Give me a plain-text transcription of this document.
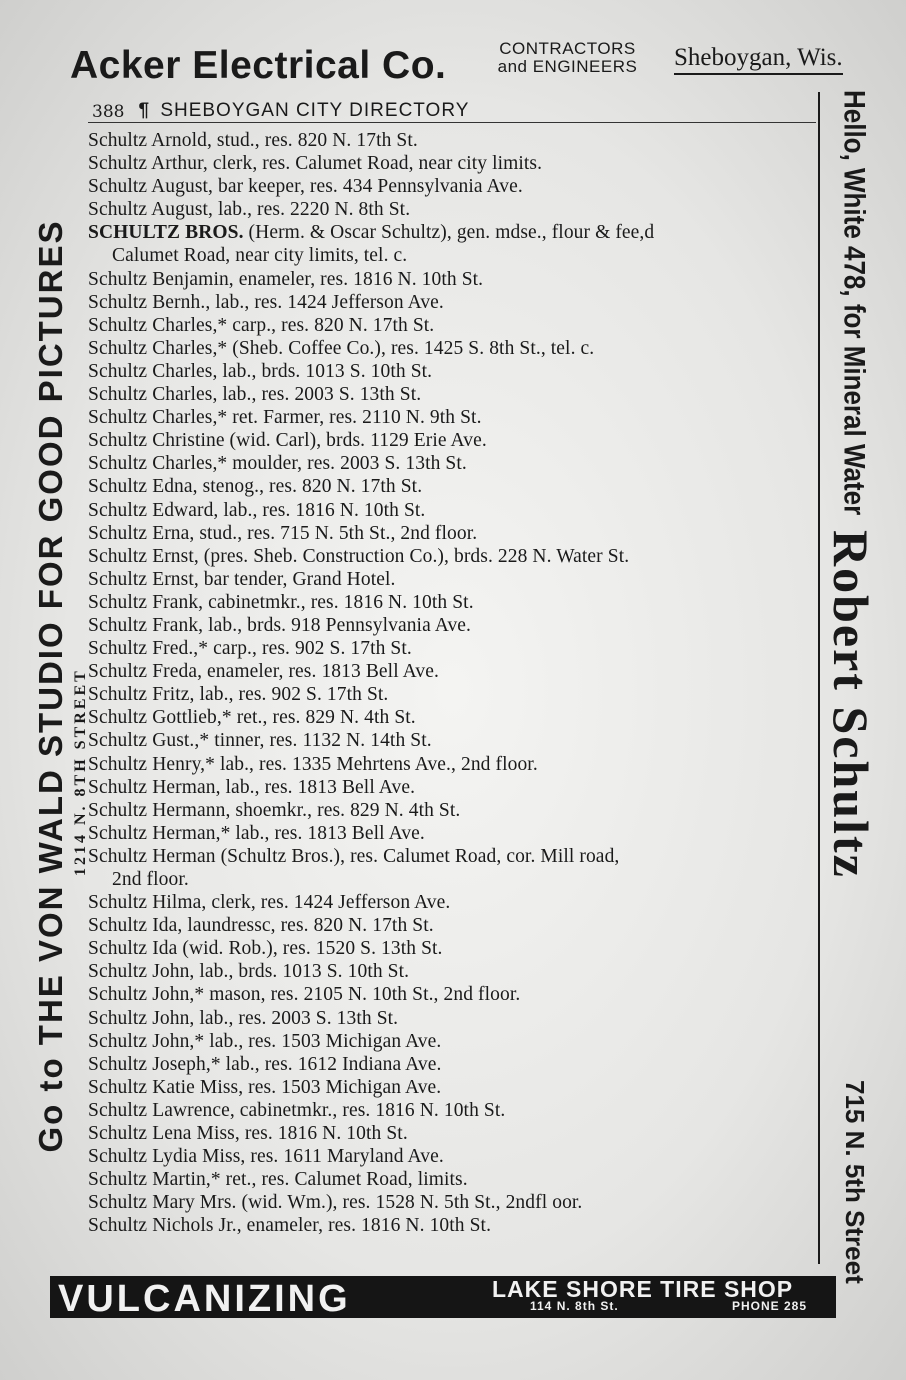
Acker Electrical Co.	CONTRACTORS
and ENGINEERS	Sheboygan, Wis.
Go to THE VON WALD STUDIO FOR GOOD PICTURES 1214 N. 8TH STREET
Hello, White 478, for Mineral Water
Robert Schultz
715 N. 5th Street
388 ¶ SHEBOYGAN CITY DIRECTORY
Schultz Arnold, stud., res. 820 N. 17th St.
Schultz Arthur, clerk, res. Calumet Road, near city limits.
Schultz August, bar keeper, res. 434 Pennsylvania Ave.
Schultz August, lab., res. 2220 N. 8th St.
SCHULTZ BROS. (Herm. & Oscar Schultz), gen. mdse., flour & fee,d
Calumet Road, near city limits, tel. c.
Schultz Benjamin, enameler, res. 1816 N. 10th St.
Schultz Bernh., lab., res. 1424 Jefferson Ave.
Schultz Charles,* carp., res. 820 N. 17th St.
Schultz Charles,* (Sheb. Coffee Co.), res. 1425 S. 8th St., tel. c.
Schultz Charles, lab., brds. 1013 S. 10th St.
Schultz Charles, lab., res. 2003 S. 13th St.
Schultz Charles,* ret. Farmer, res. 2110 N. 9th St.
Schultz Christine (wid. Carl), brds. 1129 Erie Ave.
Schultz Charles,* moulder, res. 2003 S. 13th St.
Schultz Edna, stenog., res. 820 N. 17th St.
Schultz Edward, lab., res. 1816 N. 10th St.
Schultz Erna, stud., res. 715 N. 5th St., 2nd floor.
Schultz Ernst, (pres. Sheb. Construction Co.), brds. 228 N. Water St.
Schultz Ernst, bar tender, Grand Hotel.
Schultz Frank, cabinetmkr., res. 1816 N. 10th St.
Schultz Frank, lab., brds. 918 Pennsylvania Ave.
Schultz Fred.,* carp., res. 902 S. 17th St.
Schultz Freda, enameler, res. 1813 Bell Ave.
Schultz Fritz, lab., res. 902 S. 17th St.
Schultz Gottlieb,* ret., res. 829 N. 4th St.
Schultz Gust.,* tinner, res. 1132 N. 14th St.
Schultz Henry,* lab., res. 1335 Mehrtens Ave., 2nd floor.
Schultz Herman, lab., res. 1813 Bell Ave.
Schultz Hermann, shoemkr., res. 829 N. 4th St.
Schultz Herman,* lab., res. 1813 Bell Ave.
Schultz Herman (Schultz Bros.), res. Calumet Road, cor. Mill road,
2nd floor.
Schultz Hilma, clerk, res. 1424 Jefferson Ave.
Schultz Ida, laundressc, res. 820 N. 17th St.
Schultz Ida (wid. Rob.), res. 1520 S. 13th St.
Schultz John, lab., brds. 1013 S. 10th St.
Schultz John,* mason, res. 2105 N. 10th St., 2nd floor.
Schultz John, lab., res. 2003 S. 13th St.
Schultz John,* lab., res. 1503 Michigan Ave.
Schultz Joseph,* lab., res. 1612 Indiana Ave.
Schultz Katie Miss, res. 1503 Michigan Ave.
Schultz Lawrence, cabinetmkr., res. 1816 N. 10th St.
Schultz Lena Miss, res. 1816 N. 10th St.
Schultz Lydia Miss, res. 1611 Maryland Ave.
Schultz Martin,* ret., res. Calumet Road, limits.
Schultz Mary Mrs. (wid. Wm.), res. 1528 N. 5th St., 2ndfl oor.
Schultz Nichols Jr., enameler, res. 1816 N. 10th St.
VULCANIZING	LAKE SHORE TIRE SHOP
114 N. 8th St.	PHONE 285
